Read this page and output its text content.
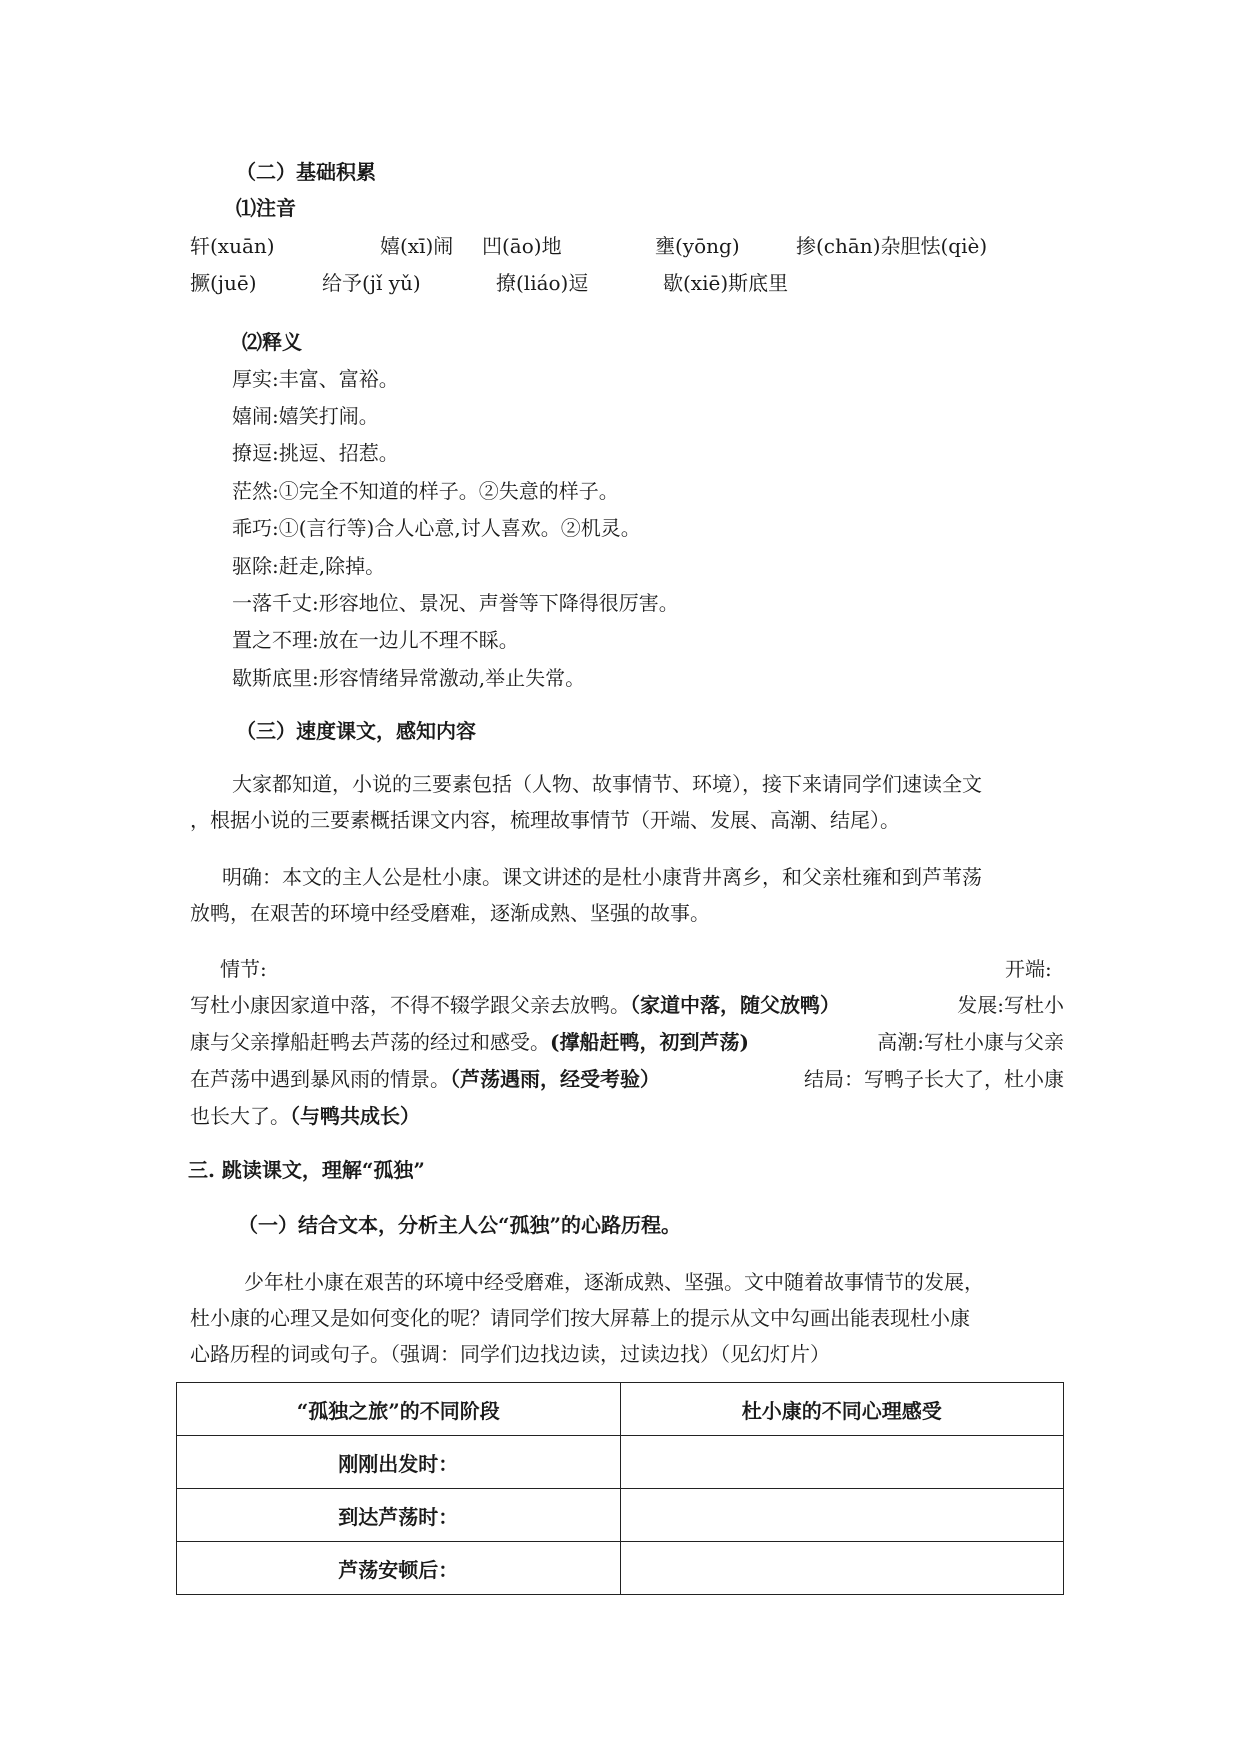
（二）基础积累
⑴注音
轩(xuān)	嬉(xī)闹 凹(āo)地	壅(yōng)	掺(chān)杂胆怯(qiè)
撅(juē)	给予(jǐ yǔ)	撩(liáo)逗	歇(xiē)斯底里
⑵释义
厚实:丰富、富裕。
嬉闹:嬉笑打闹。
撩逗:挑逗、招惹。
茫然:①完全不知道的样子。②失意的样子。
乖巧:①(言行等)合人心意,讨人喜欢。②机灵。
驱除:赶走,除掉。
一落千丈:形容地位、景况、声誉等下降得很厉害。
置之不理:放在一边儿不理不睬。
歇斯底里:形容情绪异常激动,举止失常。
（三）速度课文，感知内容
大家都知道，小说的三要素包括（人物、故事情节、环境），接下来请同学们速读全文
，根据小说的三要素概括课文内容，梳理故事情节（开端、发展、高潮、结尾）。
明确：本文的主人公是杜小康。课文讲述的是杜小康背井离乡，和父亲杜雍和到芦苇荡
放鸭，在艰苦的环境中经受磨难，逐渐成熟、坚强的故事。
情节:	开端:
写杜小康因家道中落，不得不辍学跟父亲去放鸭。（家道中落，随父放鸭）	发展:写杜小
康与父亲撑船赶鸭去芦荡的经过和感受。(撑船赶鸭，初到芦荡)	高潮:写杜小康与父亲
在芦荡中遇到暴风雨的情景。（芦荡遇雨，经受考验）	结局：写鸭子长大了，杜小康
也长大了。（与鸭共成长）
三. 跳读课文，理解“孤独”
（一）结合文本，分析主人公“孤独”的心路历程。
少年杜小康在艰苦的环境中经受磨难，逐渐成熟、坚强。文中随着故事情节的发展，
杜小康的心理又是如何变化的呢？请同学们按大屏幕上的提示从文中勾画出能表现杜小康
心路历程的词或句子。（强调：同学们边找边读，过读边找）（见幻灯片）
“孤独之旅”的不同阶段	杜小康的不同心理感受
刚刚出发时：	
到达芦荡时：	
芦荡安顿后：	
